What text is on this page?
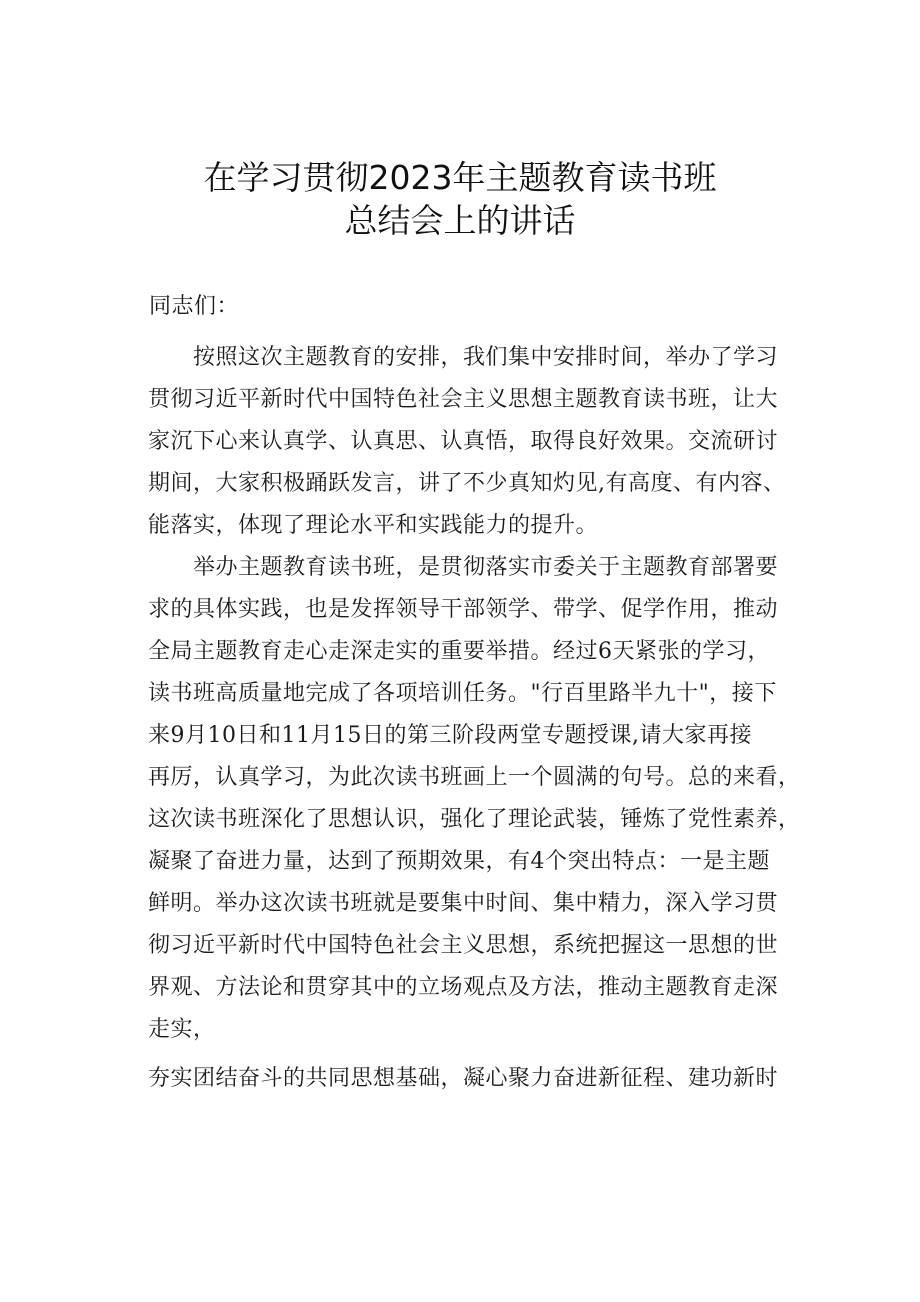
在学习贯彻2023年主题教育读书班
总结会上的讲话
同志们：
　　按照这次主题教育的安排，我们集中安排时间，举办了学习
贯彻习近平新时代中国特色社会主义思想主题教育读书班，让大
家沉下心来认真学、认真思、认真悟，取得良好效果。交流研讨
期间，大家积极踊跃发言，讲了不少真知灼见,有高度、有内容、
能落实，体现了理论水平和实践能力的提升。
　　举办主题教育读书班，是贯彻落实市委关于主题教育部署要
求的具体实践，也是发挥领导干部领学、带学、促学作用，推动
全局主题教育走心走深走实的重要举措。经过6天紧张的学习，
读书班高质量地完成了各项培训任务。"行百里路半九十"，接下
来9月10日和11月15日的第三阶段两堂专题授课,请大家再接
再厉，认真学习，为此次读书班画上一个圆满的句号。总的来看，
这次读书班深化了思想认识，强化了理论武装，锤炼了党性素养，
凝聚了奋进力量，达到了预期效果，有4个突出特点：一是主题
鲜明。举办这次读书班就是要集中时间、集中精力，深入学习贯
彻习近平新时代中国特色社会主义思想，系统把握这一思想的世
界观、方法论和贯穿其中的立场观点及方法，推动主题教育走深
走实，
夯实团结奋斗的共同思想基础，凝心聚力奋进新征程、建功新时
